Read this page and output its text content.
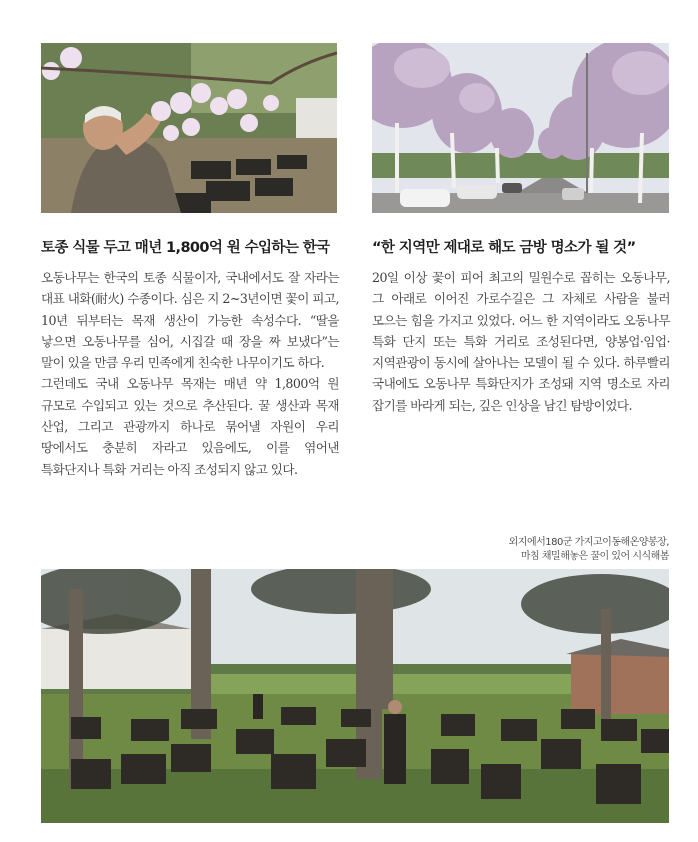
토종 식물 두고 매년 1,800억 원 수입하는 한국

오동나무는 한국의 토종 식물이자, 국내에서도 잘 자라는 대표 내화(耐火) 수종이다. 심은 지 2~3년이면 꽃이 피고, 10년 뒤부터는 목재 생산이 가능한 속성수다. “딸을 낳으면 오동나무를 심어, 시집갈 때 장을 짜 보냈다”는 말이 있을 만큼 우리 민족에게 친숙한 나무이기도 하다.

그런데도 국내 오동나무 목재는 매년 약 1,800억 원 규모로 수입되고 있는 것으로 추산된다. 꿀 생산과 목재 산업, 그리고 관광까지 하나로 묶어낼 자원이 우리 땅에서도 충분히 자라고 있음에도, 이를 엮어낸 특화단지나 특화 거리는 아직 조성되지 않고 있다.

“한 지역만 제대로 해도 금방 명소가 될 것”

20일 이상 꽃이 피어 최고의 밀원수로 꼽히는 오동나무, 그 아래로 이어진 가로수길은 그 자체로 사람을 불러 모으는 힘을 가지고 있었다. 어느 한 지역이라도 오동나무 특화 단지 또는 특화 거리로 조성된다면, 양봉업·임업·지역관광이 동시에 살아나는 모델이 될 수 있다. 하루빨리 국내에도 오동나무 특화단지가 조성돼 지역 명소로 자리 잡기를 바라게 되는, 깊은 인상을 남긴 탐방이었다.

외지에서180군 가지고이동해온양봉장,
마침 채밀해놓은 꿀이 있어 시식해봄
